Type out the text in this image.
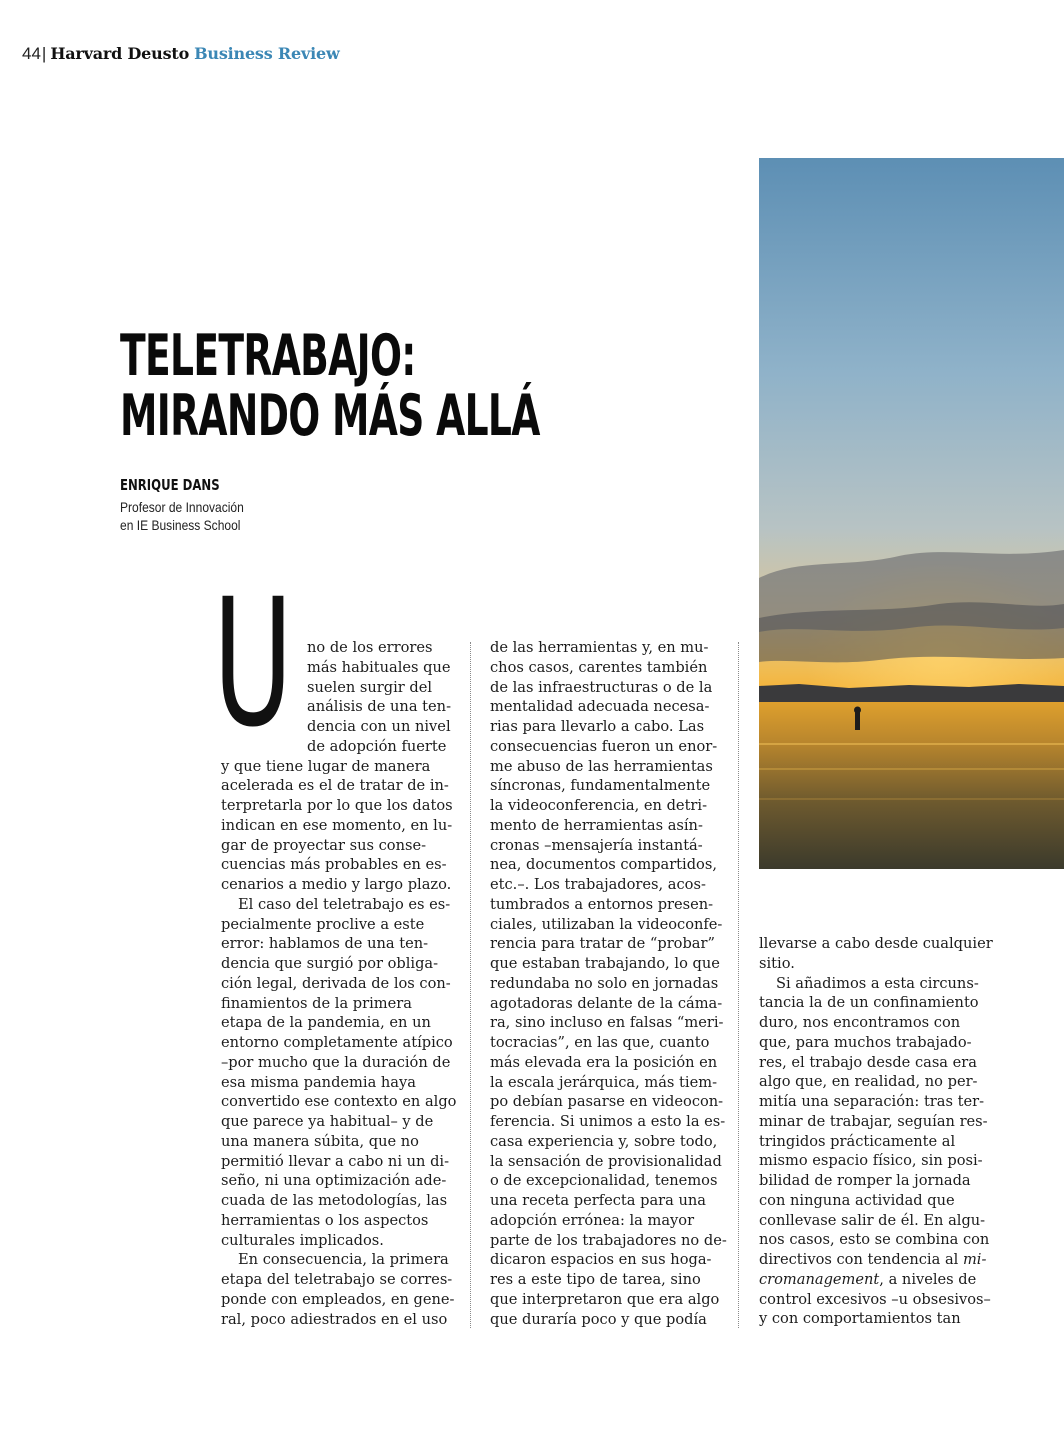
44 | Harvard Deusto Business Review
TELETRABAJO:
MIRANDO MÁS ALLÁ
ENRIQUE DANS
Profesor de Innovación
en IE Business School
U no de los errores
más habituales que
suelen surgir del
análisis de una ten-
dencia con un nivel
de adopción fuerte
y que tiene lugar de manera
acelerada es el de tratar de in-
terpretarla por lo que los datos
indican en ese momento, en lu-
gar de proyectar sus conse-
cuencias más probables en es-
cenarios a medio y largo plazo.
El caso del teletrabajo es es-
pecialmente proclive a este
error: hablamos de una ten-
dencia que surgió por obliga-
ción legal, derivada de los con-
finamientos de la primera
etapa de la pandemia, en un
entorno completamente atípico
–por mucho que la duración de
esa misma pandemia haya
convertido ese contexto en algo
que parece ya habitual– y de
una manera súbita, que no
permitió llevar a cabo ni un di-
seño, ni una optimización ade-
cuada de las metodologías, las
herramientas o los aspectos
culturales implicados.
En consecuencia, la primera
etapa del teletrabajo se corres-
ponde con empleados, en gene-
ral, poco adiestrados en el uso
de las herramientas y, en mu-
chos casos, carentes también
de las infraestructuras o de la
mentalidad adecuada necesa-
rias para llevarlo a cabo. Las
consecuencias fueron un enor-
me abuso de las herramientas
síncronas, fundamentalmente
la videoconferencia, en detri-
mento de herramientas asín-
cronas –mensajería instantá-
nea, documentos compartidos,
etc.–. Los trabajadores, acos-
tumbrados a entornos presen-
ciales, utilizaban la videoconfe-
rencia para tratar de “probar”
que estaban trabajando, lo que
redundaba no solo en jornadas
agotadoras delante de la cáma-
ra, sino incluso en falsas “meri-
tocracias”, en las que, cuanto
más elevada era la posición en
la escala jerárquica, más tiem-
po debían pasarse en videocon-
ferencia. Si unimos a esto la es-
casa experiencia y, sobre todo,
la sensación de provisionalidad
o de excepcionalidad, tenemos
una receta perfecta para una
adopción errónea: la mayor
parte de los trabajadores no de-
dicaron espacios en sus hoga-
res a este tipo de tarea, sino
que interpretaron que era algo
que duraría poco y que podía
llevarse a cabo desde cualquier
sitio.
Si añadimos a esta circuns-
tancia la de un confinamiento
duro, nos encontramos con
que, para muchos trabajado-
res, el trabajo desde casa era
algo que, en realidad, no per-
mitía una separación: tras ter-
minar de trabajar, seguían res-
tringidos prácticamente al
mismo espacio físico, sin posi-
bilidad de romper la jornada
con ninguna actividad que
conllevase salir de él. En algu-
nos casos, esto se combina con
directivos con tendencia al mi-
cromanagement, a niveles de
control excesivos –u obsesivos–
y con comportamientos tan
